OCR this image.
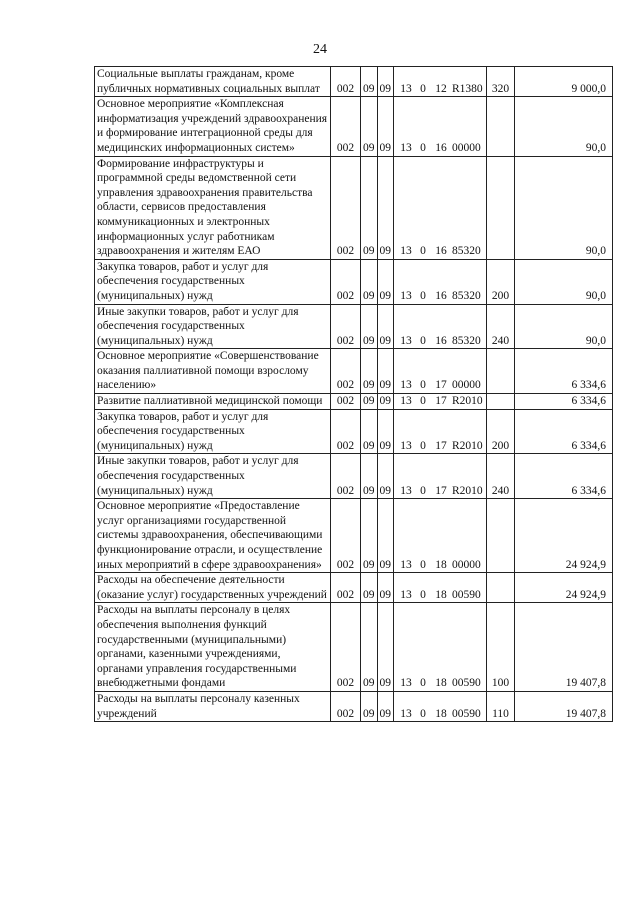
24
Социальные выплаты гражданам, кроме публичных нормативных социальных выплат	002	09	09	13 0 12 R1380	320	9 000,0
Основное мероприятие «Комплексная информатизация учреждений здравоохранения и формирование интеграционной среды для медицинских информационных систем»	002	09	09	13 0 16 00000		90,0
Формирование инфраструктуры и программной среды ведомственной сети управления здравоохранения правительства области, сервисов предоставления коммуникационных и электронных информационных услуг работникам здравоохранения и жителям ЕАО	002	09	09	13 0 16 85320		90,0
Закупка товаров, работ и услуг для обеспечения государственных (муниципальных) нужд	002	09	09	13 0 16 85320	200	90,0
Иные закупки товаров, работ и услуг для обеспечения государственных (муниципальных) нужд	002	09	09	13 0 16 85320	240	90,0
Основное мероприятие «Совершенствование оказания паллиативной помощи взрослому населению»	002	09	09	13 0 17 00000		6 334,6
Развитие паллиативной медицинской помощи	002	09	09	13 0 17 R2010		6 334,6
Закупка товаров, работ и услуг для обеспечения государственных (муниципальных) нужд	002	09	09	13 0 17 R2010	200	6 334,6
Иные закупки товаров, работ и услуг для обеспечения государственных (муниципальных) нужд	002	09	09	13 0 17 R2010	240	6 334,6
Основное мероприятие «Предоставление услуг организациями государственной системы здравоохранения, обеспечивающими функционирование отрасли, и осуществление иных мероприятий в сфере здравоохранения»	002	09	09	13 0 18 00000		24 924,9
Расходы на обеспечение деятельности (оказание услуг) государственных учреждений	002	09	09	13 0 18 00590		24 924,9
Расходы на выплаты персоналу в целях обеспечения выполнения функций государственными (муниципальными) органами, казенными учреждениями, органами управления государственными внебюджетными фондами	002	09	09	13 0 18 00590	100	19 407,8
Расходы на выплаты персоналу казенных учреждений	002	09	09	13 0 18 00590	110	19 407,8
